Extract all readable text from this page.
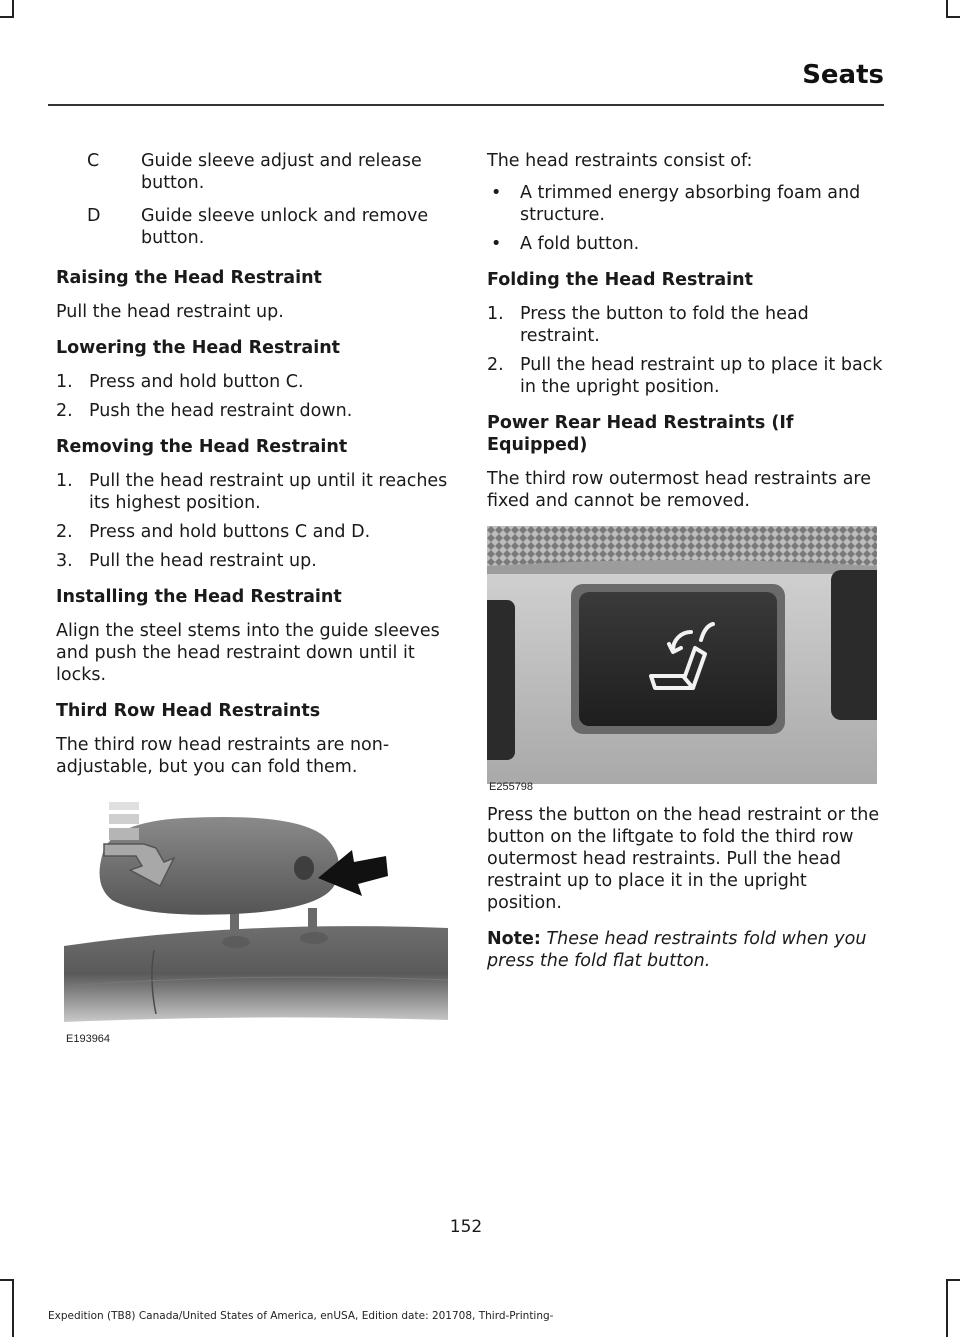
Seats
C	Guide sleeve adjust and release button.
D	Guide sleeve unlock and remove button.
Raising the Head Restraint

Pull the head restraint up.

Lowering the Head Restraint
1. Press and hold button C.
2. Push the head restraint down.
Removing the Head Restraint
1. Pull the head restraint up until it reaches its highest position.
2. Press and hold buttons C and D.
3. Pull the head restraint up.
Installing the Head Restraint

Align the steel stems into the guide sleeves and push the head restraint down until it locks.

Third Row Head Restraints

The third row head restraints are non-adjustable, but you can fold them.

E193964

The head restraints consist of:

•	A trimmed energy absorbing foam and structure.
•	A fold button.
Folding the Head Restraint
1. Press the button to fold the head restraint.
2. Pull the head restraint up to place it back in the upright position.
Power Rear Head Restraints (If Equipped)

The third row outermost head restraints are fixed and cannot be removed.

E255798

Press the button on the head restraint or the button on the liftgate to fold the third row outermost head restraints. Pull the head restraint up to place it in the upright position.

Note: These head restraints fold when you press the fold flat button.

152
Expedition (TB8) Canada/United States of America, enUSA, Edition date: 201708, Third-Printing-
